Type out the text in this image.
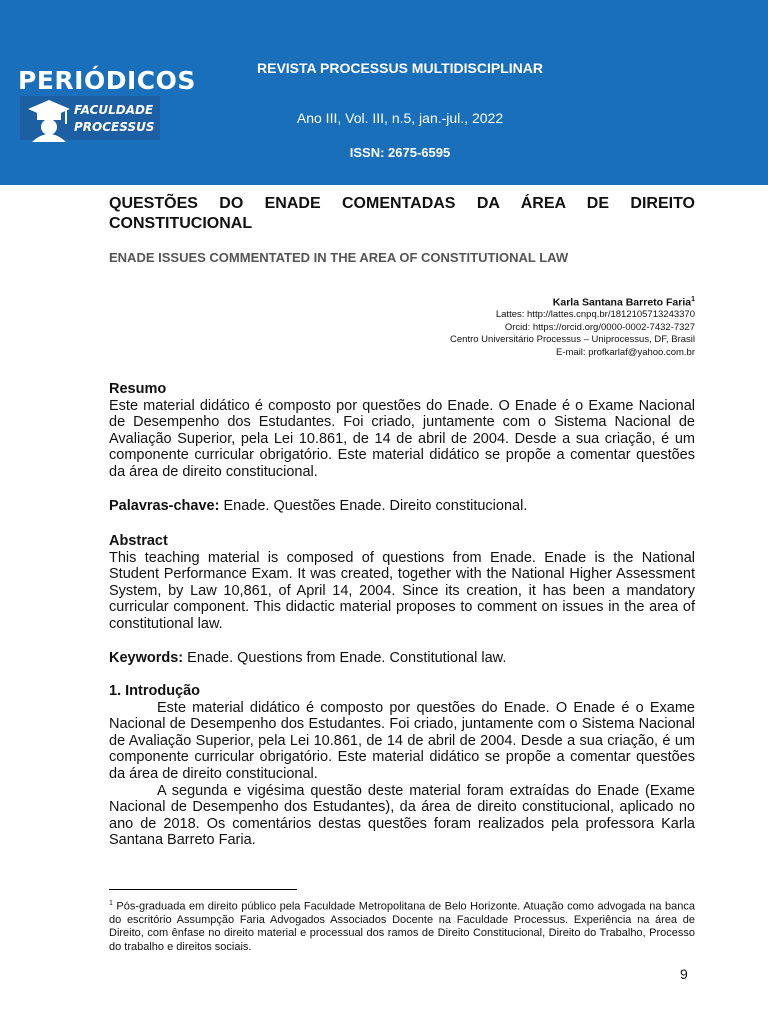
PERIÓDICOS
FACULDADE
PROCESSUS
REVISTA PROCESSUS MULTIDISCIPLINAR
Ano III, Vol. III, n.5, jan.-jul., 2022
ISSN: 2675-6595
QUESTÕES DO ENADE COMENTADAS DA ÁREA DE DIREITO CONSTITUCIONAL
ENADE ISSUES COMMENTATED IN THE AREA OF CONSTITUTIONAL LAW
Karla Santana Barreto Faria$^1$
Lattes: http://lattes.cnpq.br/1812105713243370
Orcid: https://orcid.org/0000-0002-7432-7327
Centro Universitário Processus – Uniprocessus, DF, Brasil
E-mail: profkarlaf@yahoo.com.br
Resumo

Este material didático é composto por questões do Enade. O Enade é o Exame Nacional de Desempenho dos Estudantes. Foi criado, juntamente com o Sistema Nacional de Avaliação Superior, pela Lei 10.861, de 14 de abril de 2004. Desde a sua criação, é um componente curricular obrigatório. Este material didático se propõe a comentar questões da área de direito constitucional.

Palavras-chave: Enade. Questões Enade. Direito constitucional.
Abstract

This teaching material is composed of questions from Enade. Enade is the National Student Performance Exam. It was created, together with the National Higher Assessment System, by Law 10,861, of April 14, 2004. Since its creation, it has been a mandatory curricular component. This didactic material proposes to comment on issues in the area of constitutional law.

Keywords: Enade. Questions from Enade. Constitutional law.
1. Introdução

Este material didático é composto por questões do Enade. O Enade é o Exame Nacional de Desempenho dos Estudantes. Foi criado, juntamente com o Sistema Nacional de Avaliação Superior, pela Lei 10.861, de 14 de abril de 2004. Desde a sua criação, é um componente curricular obrigatório. Este material didático se propõe a comentar questões da área de direito constitucional.

A segunda e vigésima questão deste material foram extraídas do Enade (Exame Nacional de Desempenho dos Estudantes), da área de direito constitucional, aplicado no ano de 2018. Os comentários destas questões foram realizados pela professora Karla Santana Barreto Faria.

$^1$ Pós-graduada em direito público pela Faculdade Metropolitana de Belo Horizonte. Atuação como advogada na banca do escritório Assumpção Faria Advogados Associados Docente na Faculdade Processus. Experiência na área de Direito, com ênfase no direito material e processual dos ramos de Direito Constitucional, Direito do Trabalho, Processo do trabalho e direitos sociais.
9
